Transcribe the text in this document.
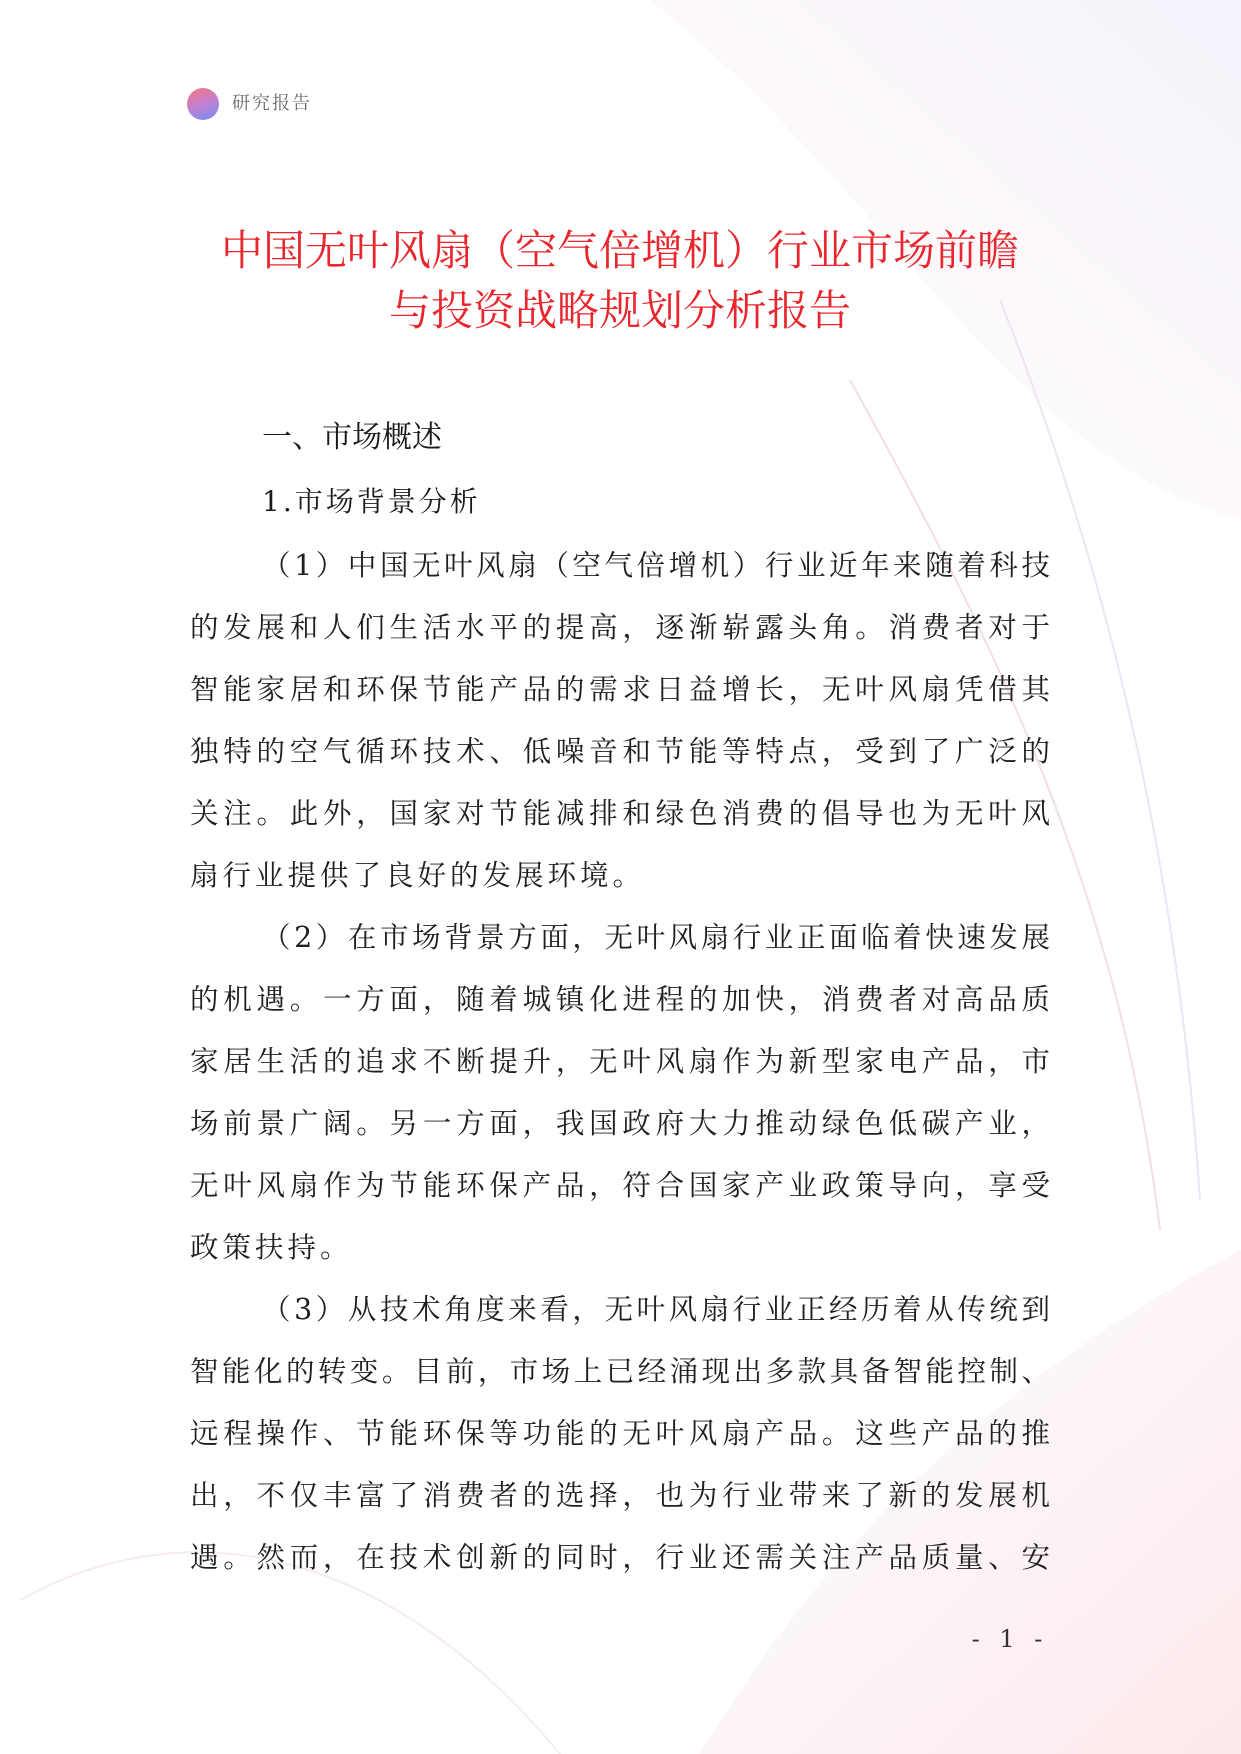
研究报告
中国无叶风扇（空气倍增机）行业市场前瞻
与投资战略规划分析报告
一、市场概述
1.市场背景分析
（1）中国无叶风扇（空气倍增机）行业近年来随着科技
的发展和人们生活水平的提高，逐渐崭露头角。消费者对于
智能家居和环保节能产品的需求日益增长，无叶风扇凭借其
独特的空气循环技术、低噪音和节能等特点，受到了广泛的
关注。此外，国家对节能减排和绿色消费的倡导也为无叶风
扇行业提供了良好的发展环境。
（2）在市场背景方面，无叶风扇行业正面临着快速发展
的机遇。一方面，随着城镇化进程的加快，消费者对高品质
家居生活的追求不断提升，无叶风扇作为新型家电产品，市
场前景广阔。另一方面，我国政府大力推动绿色低碳产业，
无叶风扇作为节能环保产品，符合国家产业政策导向，享受
政策扶持。
（3）从技术角度来看，无叶风扇行业正经历着从传统到
智能化的转变。目前，市场上已经涌现出多款具备智能控制、
远程操作、节能环保等功能的无叶风扇产品。这些产品的推
出，不仅丰富了消费者的选择，也为行业带来了新的发展机
遇。然而，在技术创新的同时，行业还需关注产品质量、安
- 1 -
